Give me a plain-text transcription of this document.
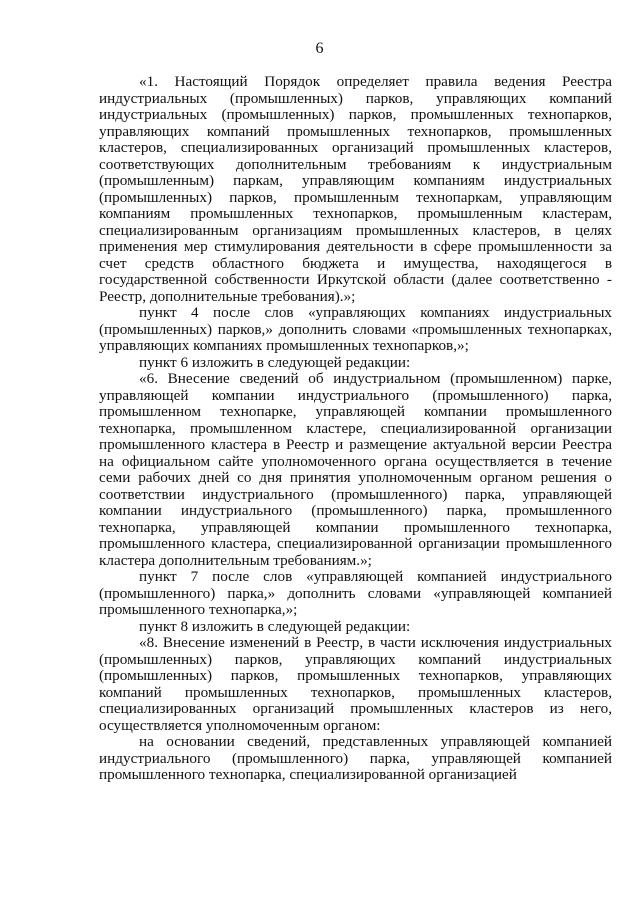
6

«1. Настоящий Порядок определяет правила ведения Реестра индустриальных (промышленных) парков, управляющих компаний индустриальных (промышленных) парков, промышленных технопарков, управляющих компаний промышленных технопарков, промышленных кластеров, специализированных организаций промышленных кластеров, соответствующих дополнительным требованиям к индустриальным (промышленным) паркам, управляющим компаниям индустриальных (промышленных) парков, промышленным технопаркам, управляющим компаниям промышленных технопарков, промышленным кластерам, специализированным организациям промышленных кластеров, в целях применения мер стимулирования деятельности в сфере промышленности за счет средств областного бюджета и имущества, находящегося в государственной собственности Иркутской области (далее соответственно - Реестр, дополнительные требования).»;

пункт 4 после слов «управляющих компаниях индустриальных (промышленных) парков,» дополнить словами «промышленных технопарках, управляющих компаниях промышленных технопарков,»;

пункт 6 изложить в следующей редакции:

«6. Внесение сведений об индустриальном (промышленном) парке, управляющей компании индустриального (промышленного) парка, промышленном технопарке, управляющей компании промышленного технопарка, промышленном кластере, специализированной организации промышленного кластера в Реестр и размещение актуальной версии Реестра на официальном сайте уполномоченного органа осуществляется в течение семи рабочих дней со дня принятия уполномоченным органом решения о соответствии индустриального (промышленного) парка, управляющей компании индустриального (промышленного) парка, промышленного технопарка, управляющей компании промышленного технопарка, промышленного кластера, специализированной организации промышленного кластера дополнительным требованиям.»;

пункт 7 после слов «управляющей компанией индустриального (промышленного) парка,» дополнить словами «управляющей компанией промышленного технопарка,»;

пункт 8 изложить в следующей редакции:

«8. Внесение изменений в Реестр, в части исключения индустриальных (промышленных) парков, управляющих компаний индустриальных (промышленных) парков, промышленных технопарков, управляющих компаний промышленных технопарков, промышленных кластеров, специализированных организаций промышленных кластеров из него, осуществляется уполномоченным органом:

на основании сведений, представленных управляющей компанией индустриального (промышленного) парка, управляющей компанией промышленного технопарка, специализированной организацией
